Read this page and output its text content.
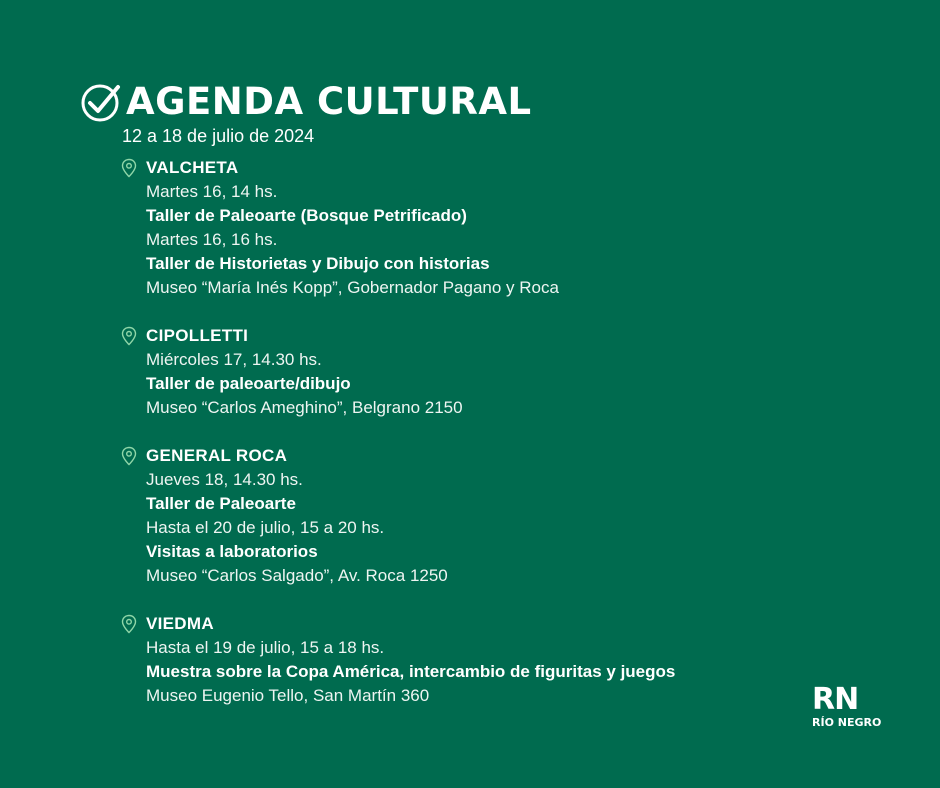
AGENDA CULTURAL
12 a 18 de julio de 2024
VALCHETA
Martes 16, 14 hs.
Taller de Paleoarte (Bosque Petrificado)
Martes 16, 16 hs.
Taller de Historietas y Dibujo con historias
Museo “María Inés Kopp”, Gobernador Pagano y Roca
CIPOLLETTI
Miércoles 17, 14.30 hs.
Taller de paleoarte/dibujo
Museo “Carlos Ameghino”, Belgrano 2150
GENERAL ROCA
Jueves 18, 14.30 hs.
Taller de Paleoarte
Hasta el 20 de julio, 15 a 20 hs.
Visitas a laboratorios
Museo “Carlos Salgado”, Av. Roca 1250
VIEDMA
Hasta el 19 de julio, 15 a 18 hs.
Muestra sobre la Copa América, intercambio de figuritas y juegos
Museo Eugenio Tello, San Martín 360	RN
RÍO NEGRO
